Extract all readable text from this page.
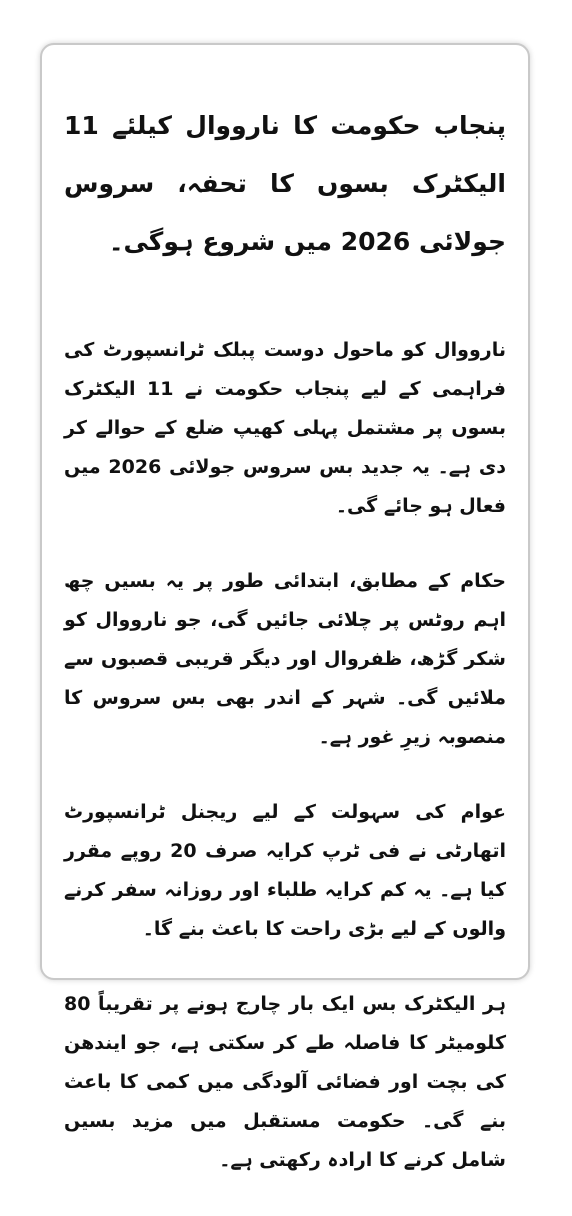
پنجاب حکومت کا نارووال کیلئے 11 الیکٹرک بسوں کا تحفہ، سروس جولائی 2026 میں شروع ہوگی۔

نارووال کو ماحول دوست پبلک ٹرانسپورٹ کی فراہمی کے لیے پنجاب حکومت نے 11 الیکٹرک بسوں پر مشتمل پہلی کھیپ ضلع کے حوالے کر دی ہے۔ یہ جدید بس سروس جولائی 2026 میں فعال ہو جائے گی۔

حکام کے مطابق، ابتدائی طور پر یہ بسیں چھ اہم روٹس پر چلائی جائیں گی، جو نارووال کو شکر گڑھ، ظفروال اور دیگر قریبی قصبوں سے ملائیں گی۔ شہر کے اندر بھی بس سروس کا منصوبہ زیرِ غور ہے۔

عوام کی سہولت کے لیے ریجنل ٹرانسپورٹ اتھارٹی نے فی ٹرپ کرایہ صرف 20 روپے مقرر کیا ہے۔ یہ کم کرایہ طلباء اور روزانہ سفر کرنے والوں کے لیے بڑی راحت کا باعث بنے گا۔

ہر الیکٹرک بس ایک بار چارج ہونے پر تقریباً 80 کلومیٹر کا فاصلہ طے کر سکتی ہے، جو ایندھن کی بچت اور فضائی آلودگی میں کمی کا باعث بنے گی۔ حکومت مستقبل میں مزید بسیں شامل کرنے کا ارادہ رکھتی ہے۔
